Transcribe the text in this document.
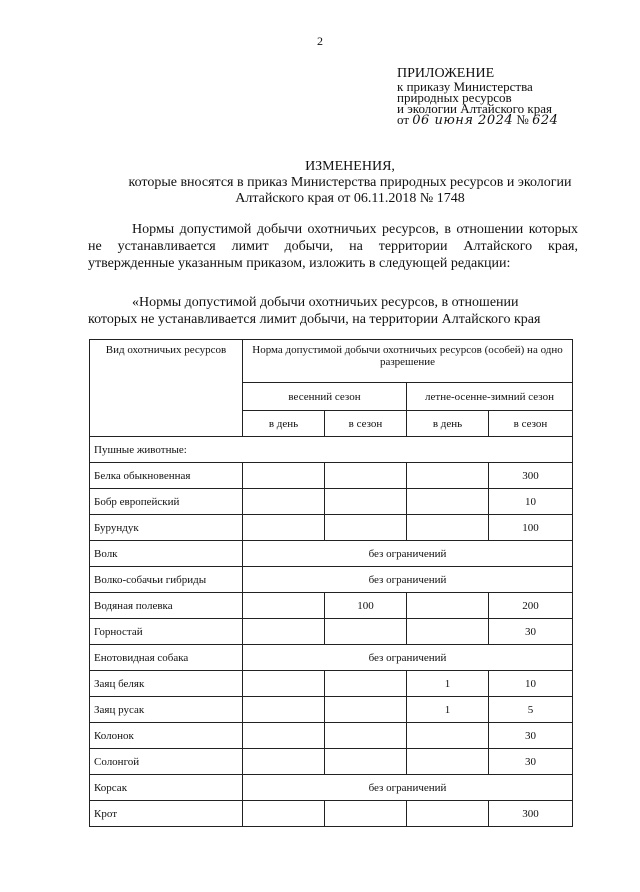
2
ПРИЛОЖЕНИЕ
к приказу Министерства
природных ресурсов
и экологии Алтайского края
от 06 июня 2024 № 624
ИЗМЕНЕНИЯ,
которые вносятся в приказ Министерства природных ресурсов и экологии
Алтайского края от 06.11.2018 № 1748
Нормы допустимой добычи охотничьих ресурсов, в отношении которых не устанавливается лимит добычи, на территории Алтайского края, утвержденные указанным приказом, изложить в следующей редакции:
«Нормы допустимой добычи охотничьих ресурсов, в отношении
которых не устанавливается лимит добычи, на территории Алтайского края
Вид охотничьих ресурсов	Норма допустимой добычи охотничьих ресурсов (особей) на одно разрешение			
	весенний сезон		летне-осенне-зимний сезон	
	в день	в сезон	в день	в сезон
Пушные животные:				
Белка обыкновенная				300
Бобр европейский				10
Бурундук				100
Волк	без ограничений			
Волко-собачьи гибриды	без ограничений			
Водяная полевка		100		200
Горностай				30
Енотовидная собака	без ограничений			
Заяц беляк			1	10
Заяц русак			1	5
Колонок				30
Солонгой				30
Корсак	без ограничений			
Крот				300
